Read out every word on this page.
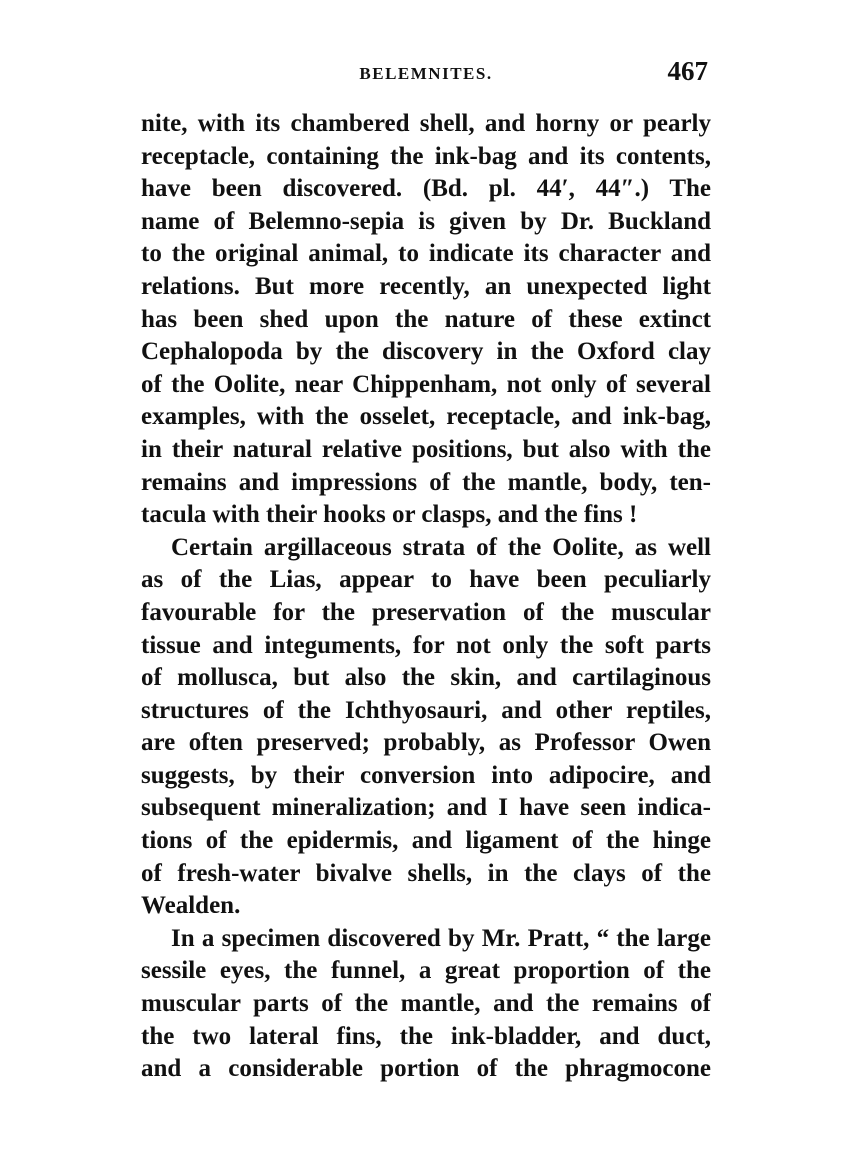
BELEMNITES.	467
nite, with its chambered shell, and horny or pearly
receptacle, containing the ink-bag and its contents,
have been discovered. (Bd. pl. 44′, 44″.) The
name of Belemno-sepia is given by Dr. Buckland
to the original animal, to indicate its character and
relations. But more recently, an unexpected light
has been shed upon the nature of these extinct
Cephalopoda by the discovery in the Oxford clay
of the Oolite, near Chippenham, not only of several
examples, with the osselet, receptacle, and ink-bag,
in their natural relative positions, but also with the
remains and impressions of the mantle, body, ten-
tacula with their hooks or clasps, and the fins !
Certain argillaceous strata of the Oolite, as well
as of the Lias, appear to have been peculiarly
favourable for the preservation of the muscular
tissue and integuments, for not only the soft parts
of mollusca, but also the skin, and cartilaginous
structures of the Ichthyosauri, and other reptiles,
are often preserved; probably, as Professor Owen
suggests, by their conversion into adipocire, and
subsequent mineralization; and I have seen indica-
tions of the epidermis, and ligament of the hinge
of fresh-water bivalve shells, in the clays of the
Wealden.
In a specimen discovered by Mr. Pratt, “ the large
sessile eyes, the funnel, a great proportion of the
muscular parts of the mantle, and the remains of
the two lateral fins, the ink-bladder, and duct,
and a considerable portion of the phragmocone
